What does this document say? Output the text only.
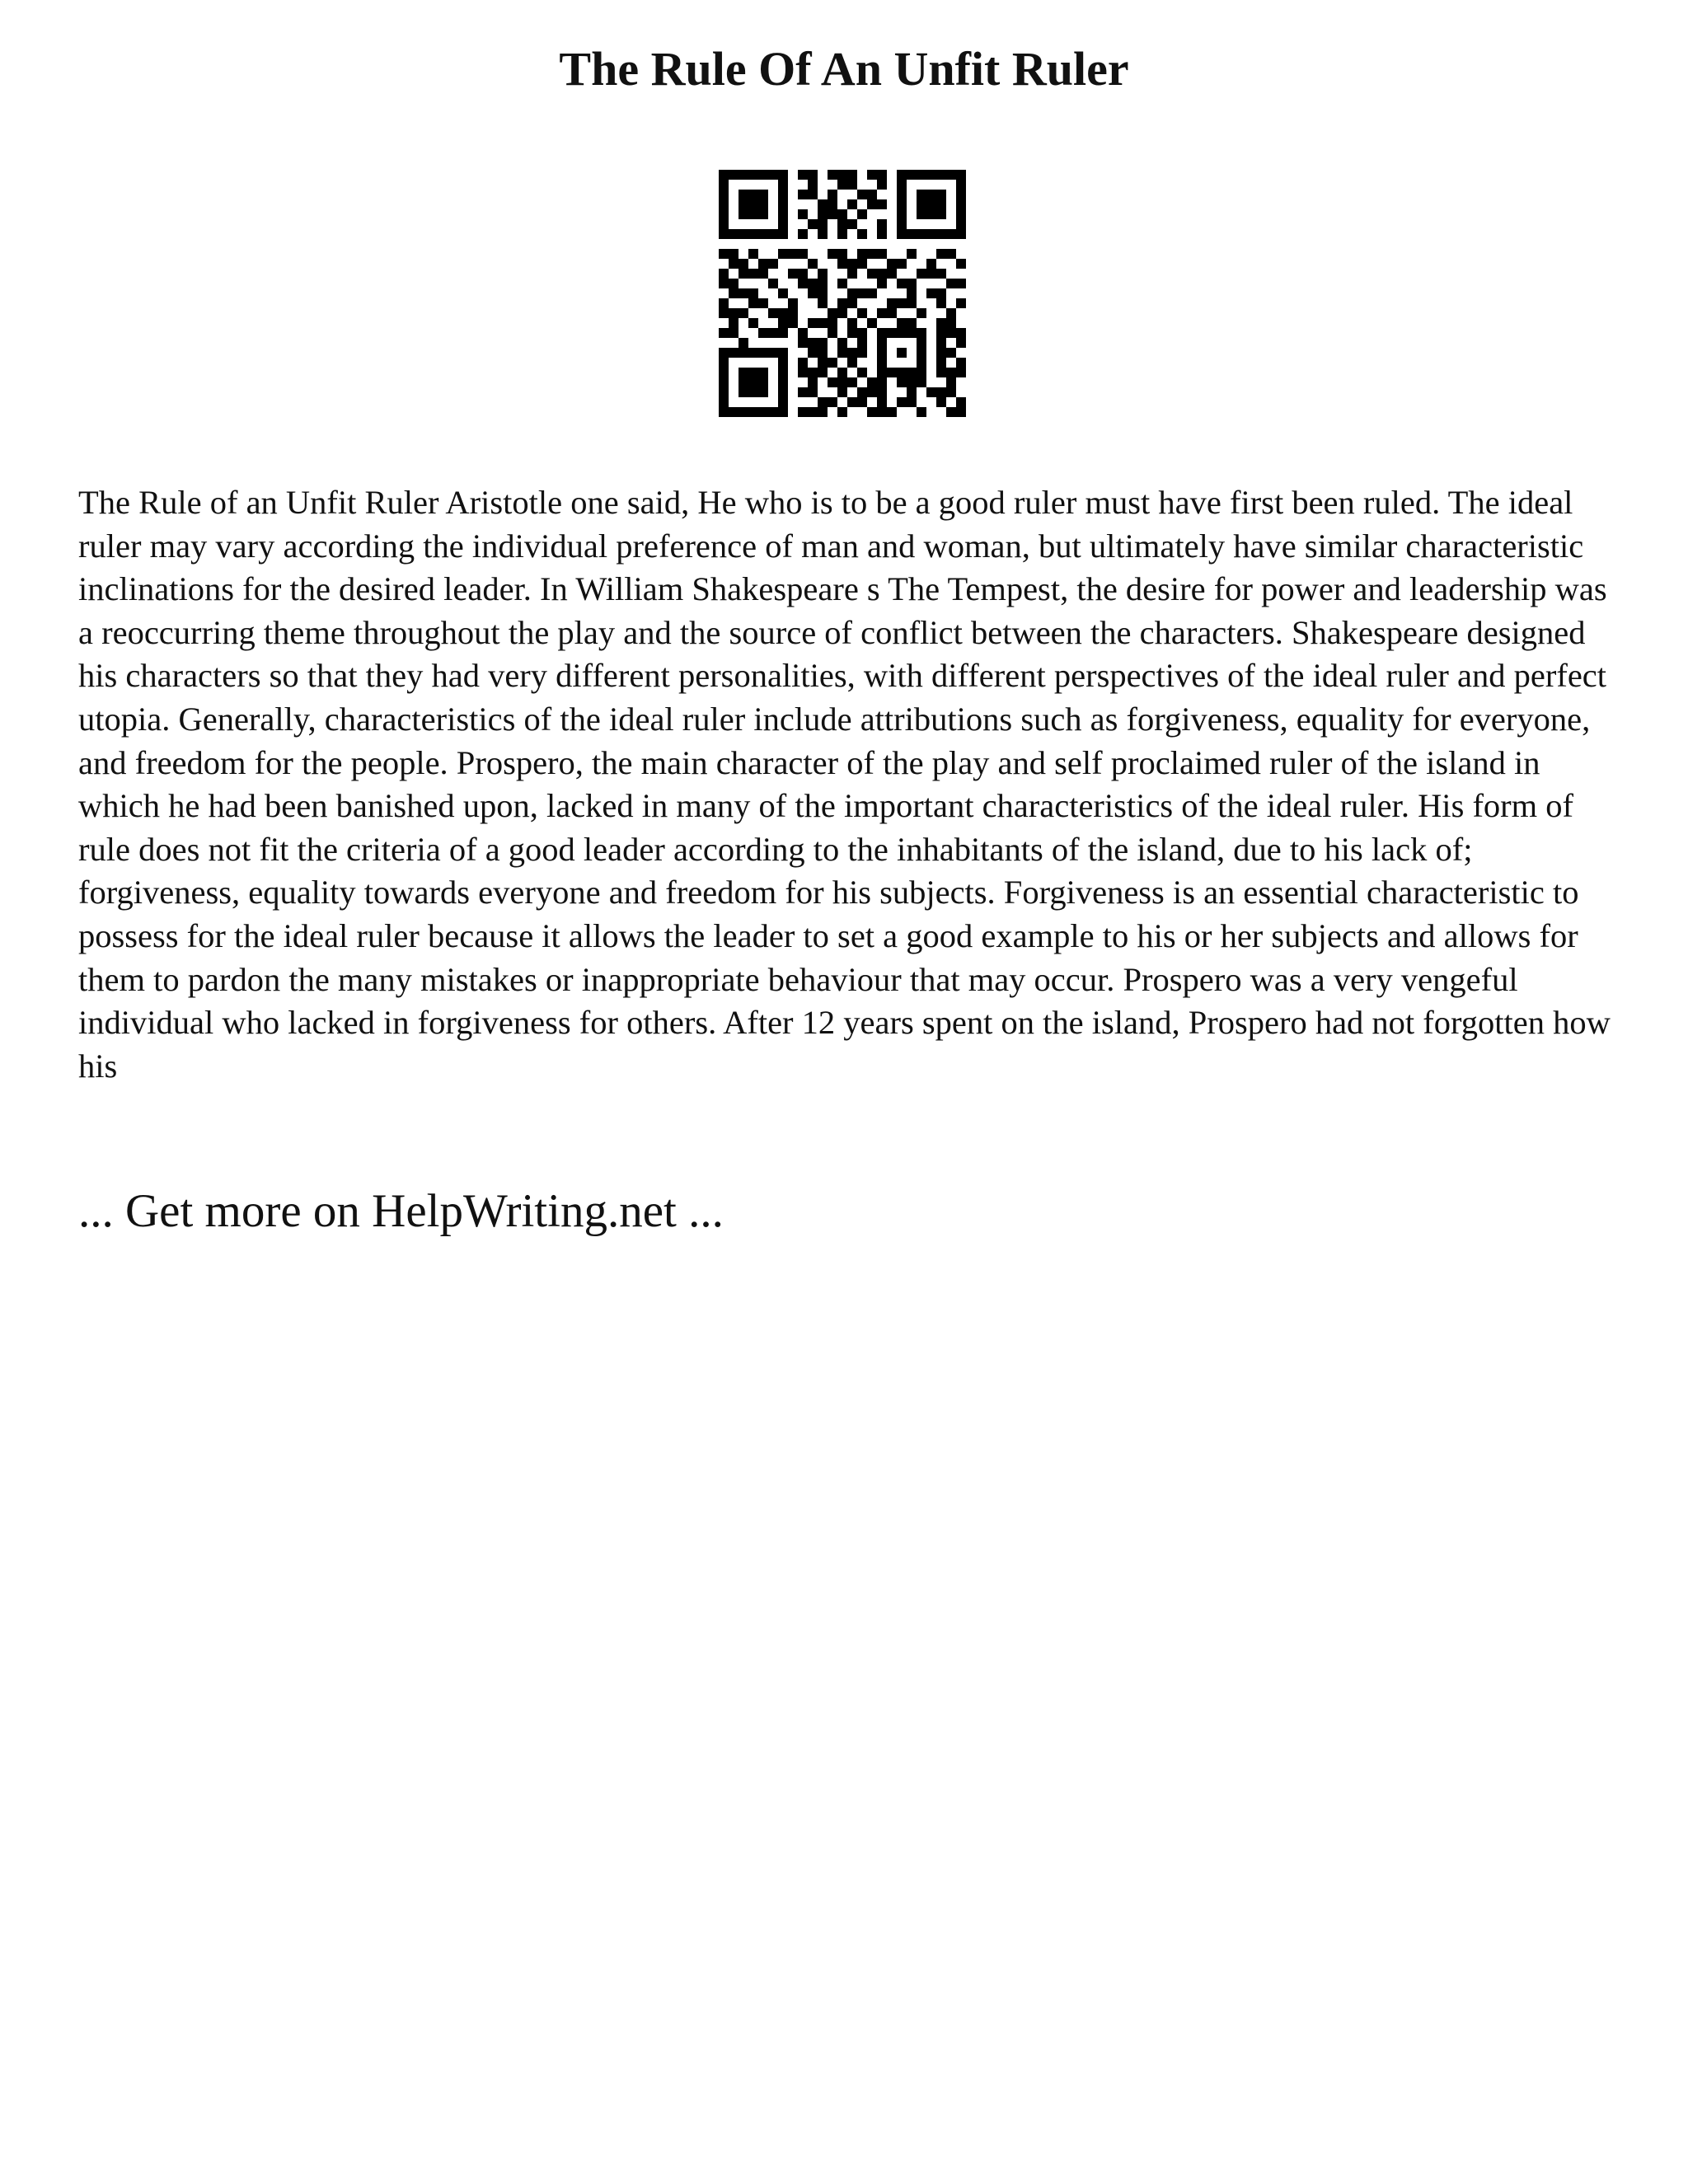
The Rule Of An Unfit Ruler

The Rule of an Unfit Ruler Aristotle one said, He who is to be a good ruler must have first been ruled. The ideal ruler may vary according the individual preference of man and woman, but ultimately have similar characteristic inclinations for the desired leader. In William Shakespeare s The Tempest, the desire for power and leadership was a reoccurring theme throughout the play and the source of conflict between the characters. Shakespeare designed his characters so that they had very different personalities, with different perspectives of the ideal ruler and perfect utopia. Generally, characteristics of the ideal ruler include attributions such as forgiveness, equality for everyone, and freedom for the people. Prospero, the main character of the play and self proclaimed ruler of the island in which he had been banished upon, lacked in many of the important characteristics of the ideal ruler. His form of rule does not fit the criteria of a good leader according to the inhabitants of the island, due to his lack of; forgiveness, equality towards everyone and freedom for his subjects. Forgiveness is an essential characteristic to possess for the ideal ruler because it allows the leader to set a good example to his or her subjects and allows for them to pardon the many mistakes or inappropriate behaviour that may occur. Prospero was a very vengeful individual who lacked in forgiveness for others. After 12 years spent on the island, Prospero had not forgotten how his

... Get more on HelpWriting.net ...
